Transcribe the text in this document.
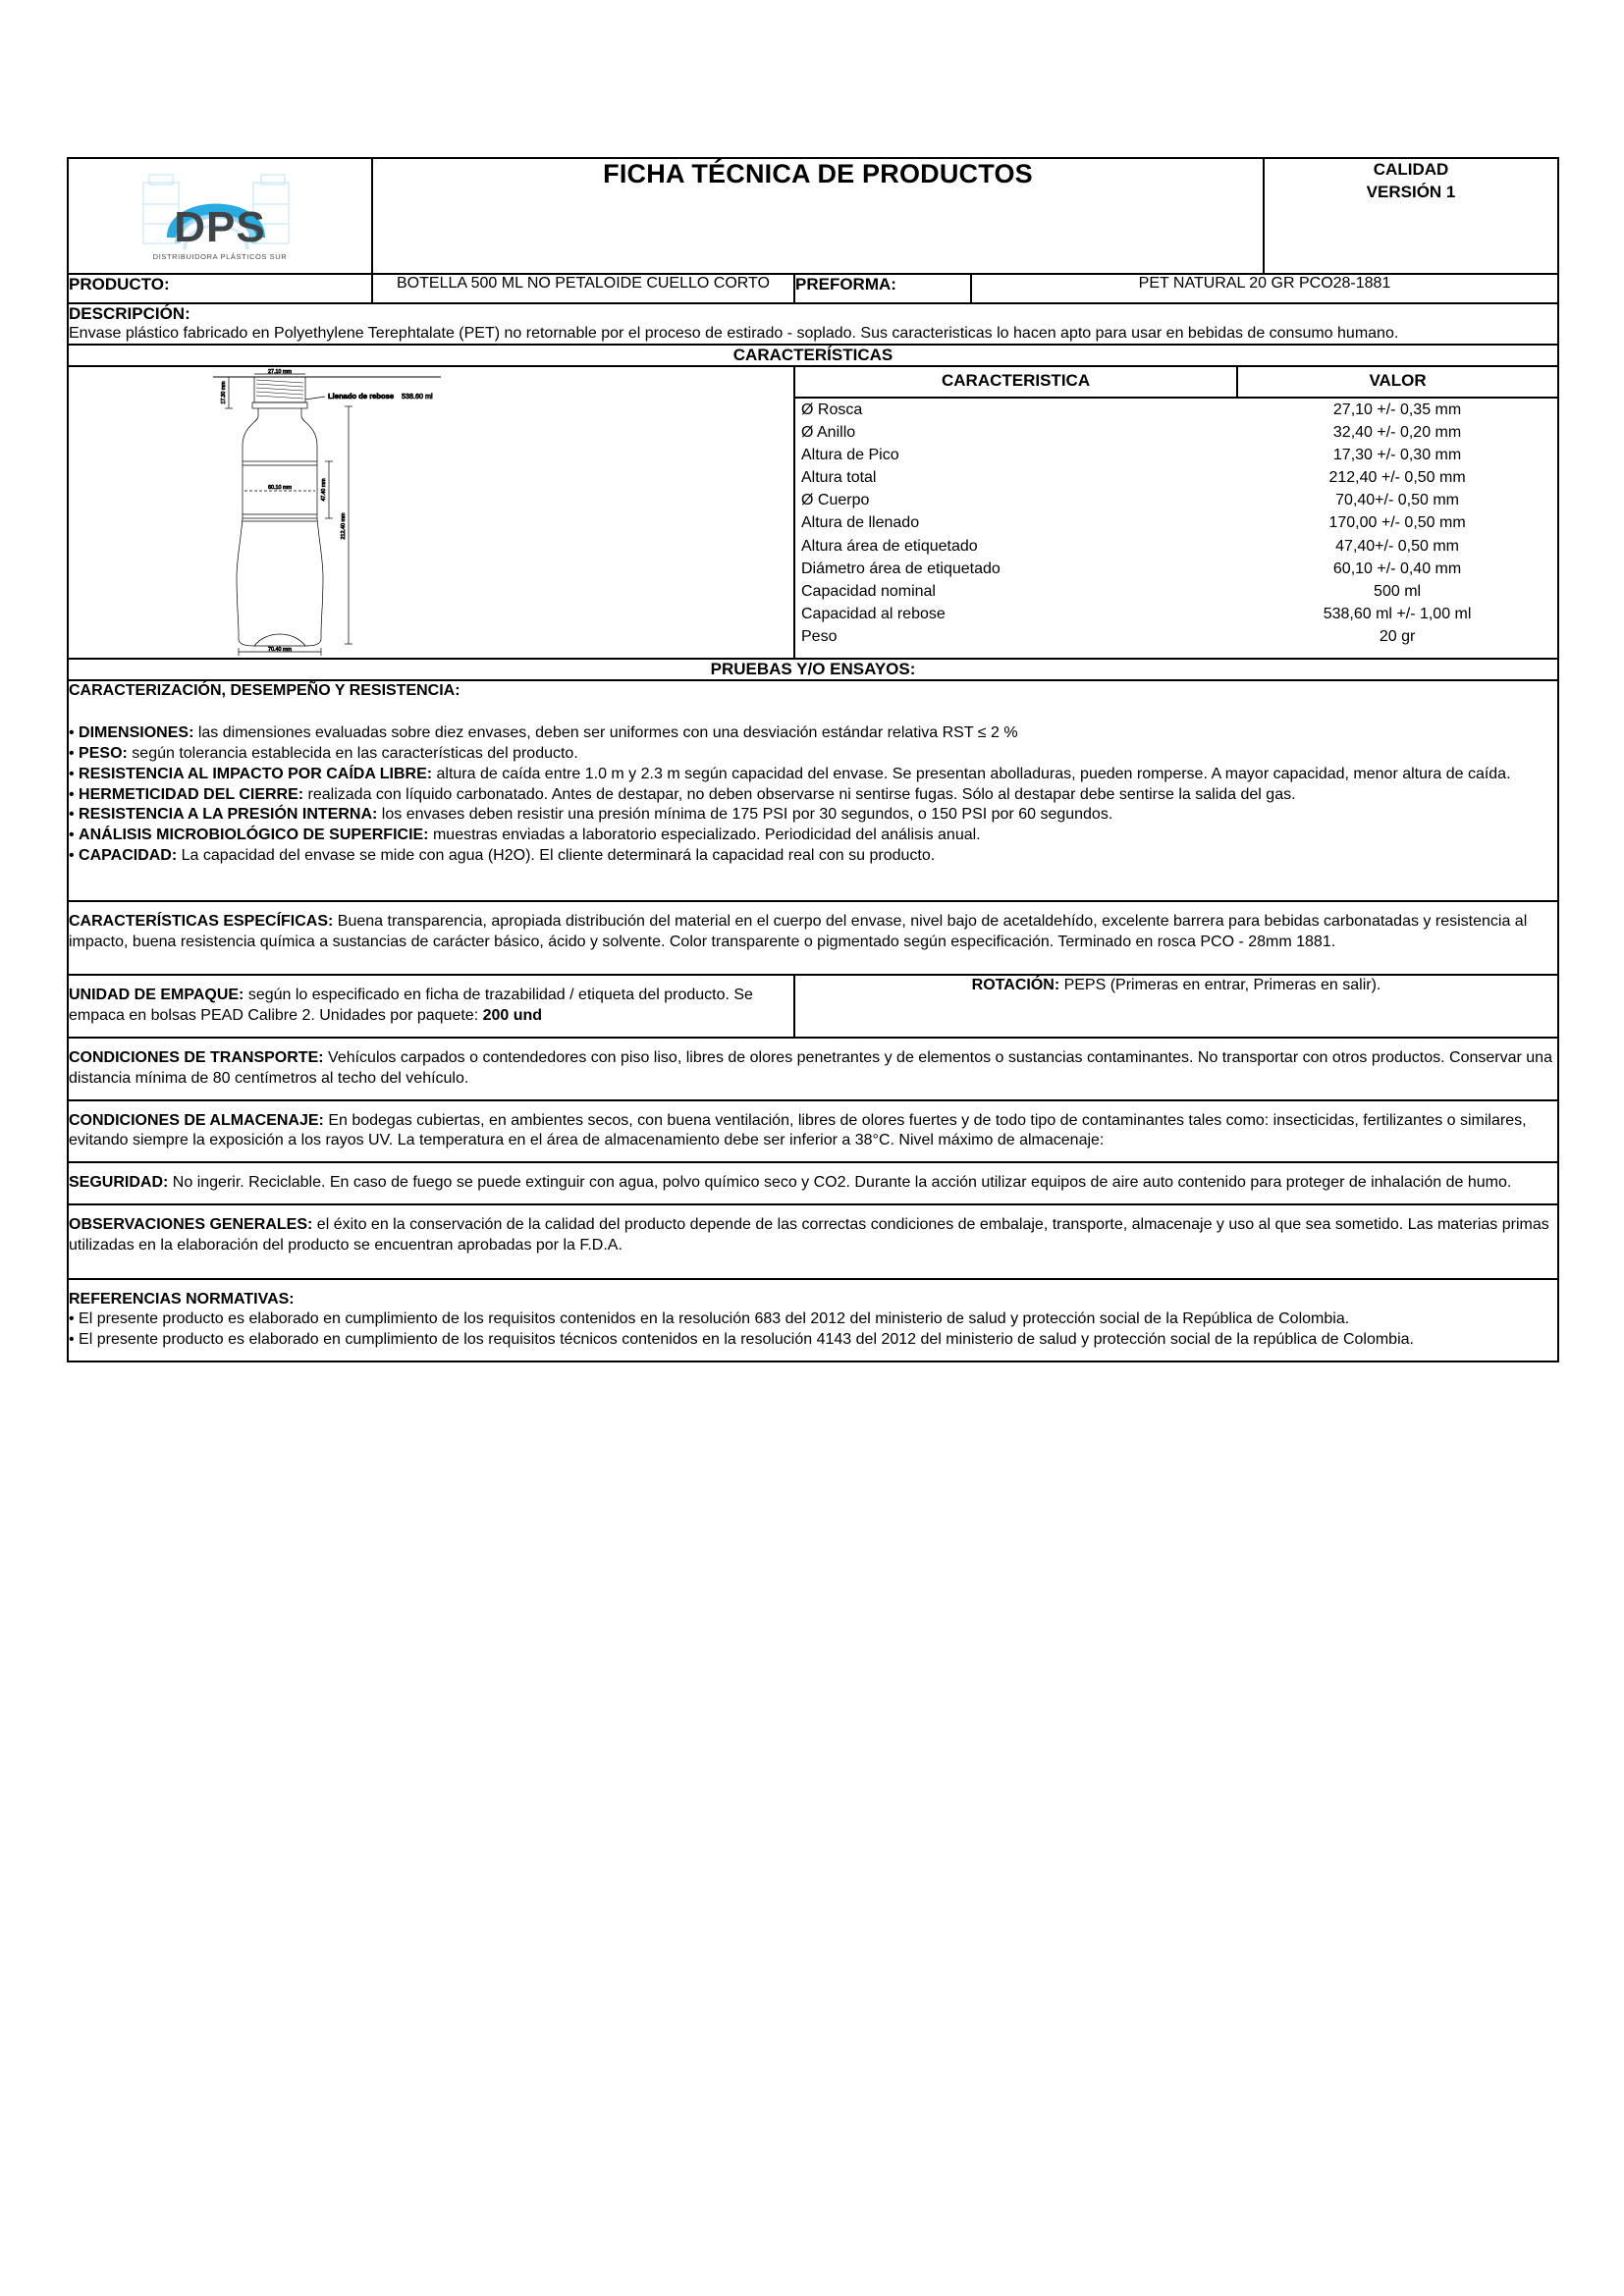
DPS
DISTRIBUIDORA PLÁSTICOS SUR

FICHA TÉCNICA DE PRODUCTOS	CALIDAD
VERSIÓN 1

PRODUCTO:	BOTELLA 500 ML NO PETALOIDE CUELLO CORTO	PREFORMA:	PET NATURAL 20 GR PCO28-1881

DESCRIPCIÓN:
Envase plástico fabricado en Polyethylene Terephtalate (PET) no retornable por el proceso de estirado - soplado. Sus caracteristicas lo hacen apto para usar en bebidas de consumo humano.

CARACTERÍSTICAS

27.10 mm
17.30 mm	Llenado de rebose 538.60 ml
60.10 mm	47.40 mm
212.40 mm
70.40 mm

CARACTERISTICA	VALOR
Ø Rosca	27,10 +/- 0,35 mm
Ø Anillo	32,40 +/- 0,20 mm
Altura de Pico	17,30 +/- 0,30 mm
Altura total	212,40 +/- 0,50 mm
Ø Cuerpo	70,40+/- 0,50 mm
Altura de llenado	170,00 +/- 0,50 mm
Altura área de etiquetado	47,40+/- 0,50 mm
Diámetro área de etiquetado	60,10 +/- 0,40 mm
Capacidad nominal	500 ml
Capacidad al rebose	538,60 ml +/- 1,00 ml
Peso	20 gr

PRUEBAS Y/O ENSAYOS:

CARACTERIZACIÓN, DESEMPEÑO Y RESISTENCIA:

• DIMENSIONES: las dimensiones evaluadas sobre diez envases, deben ser uniformes con una desviación estándar relativa RST ≤ 2 %

• PESO: según tolerancia establecida en las características del producto.

• RESISTENCIA AL IMPACTO POR CAÍDA LIBRE: altura de caída entre 1.0 m y 2.3 m según capacidad del envase. Se presentan abolladuras, pueden romperse. A mayor capacidad, menor altura de caída.

• HERMETICIDAD DEL CIERRE: realizada con líquido carbonatado. Antes de destapar, no deben observarse ni sentirse fugas. Sólo al destapar debe sentirse la salida del gas.

• RESISTENCIA A LA PRESIÓN INTERNA: los envases deben resistir una presión mínima de 175 PSI por 30 segundos, o 150 PSI por 60 segundos.

• ANÁLISIS MICROBIOLÓGICO DE SUPERFICIE: muestras enviadas a laboratorio especializado. Periodicidad del análisis anual.

• CAPACIDAD: La capacidad del envase se mide con agua (H2O). El cliente determinará la capacidad real con su producto.

CARACTERÍSTICAS ESPECÍFICAS: Buena transparencia, apropiada distribución del material en el cuerpo del envase, nivel bajo de acetaldehído, excelente barrera para bebidas carbonatadas y resistencia al impacto, buena resistencia química a sustancias de carácter básico, ácido y solvente. Color transparente o pigmentado según especificación. Terminado en rosca PCO - 28mm 1881.

UNIDAD DE EMPAQUE: según lo especificado en ficha de trazabilidad / etiqueta del producto. Se empaca en bolsas PEAD Calibre 2. Unidades por paquete: 200 und

ROTACIÓN: PEPS (Primeras en entrar, Primeras en salir).

CONDICIONES DE TRANSPORTE: Vehículos carpados o contendedores con piso liso, libres de olores penetrantes y de elementos o sustancias contaminantes. No transportar con otros productos. Conservar una distancia mínima de 80 centímetros al techo del vehículo.

CONDICIONES DE ALMACENAJE: En bodegas cubiertas, en ambientes secos, con buena ventilación, libres de olores fuertes y de todo tipo de contaminantes tales como: insecticidas, fertilizantes o similares, evitando siempre la exposición a los rayos UV. La temperatura en el área de almacenamiento debe ser inferior a 38°C. Nivel máximo de almacenaje:

SEGURIDAD: No ingerir. Reciclable. En caso de fuego se puede extinguir con agua, polvo químico seco y CO2. Durante la acción utilizar equipos de aire auto contenido para proteger de inhalación de humo.

OBSERVACIONES GENERALES: el éxito en la conservación de la calidad del producto depende de las correctas condiciones de embalaje, transporte, almacenaje y uso al que sea sometido. Las materias primas utilizadas en la elaboración del producto se encuentran aprobadas por la F.D.A.

REFERENCIAS NORMATIVAS:

• El presente producto es elaborado en cumplimiento de los requisitos contenidos en la resolución 683 del 2012 del ministerio de salud y protección social de la República de Colombia.

• El presente producto es elaborado en cumplimiento de los requisitos técnicos contenidos en la resolución 4143 del 2012 del ministerio de salud y protección social de la república de Colombia.
